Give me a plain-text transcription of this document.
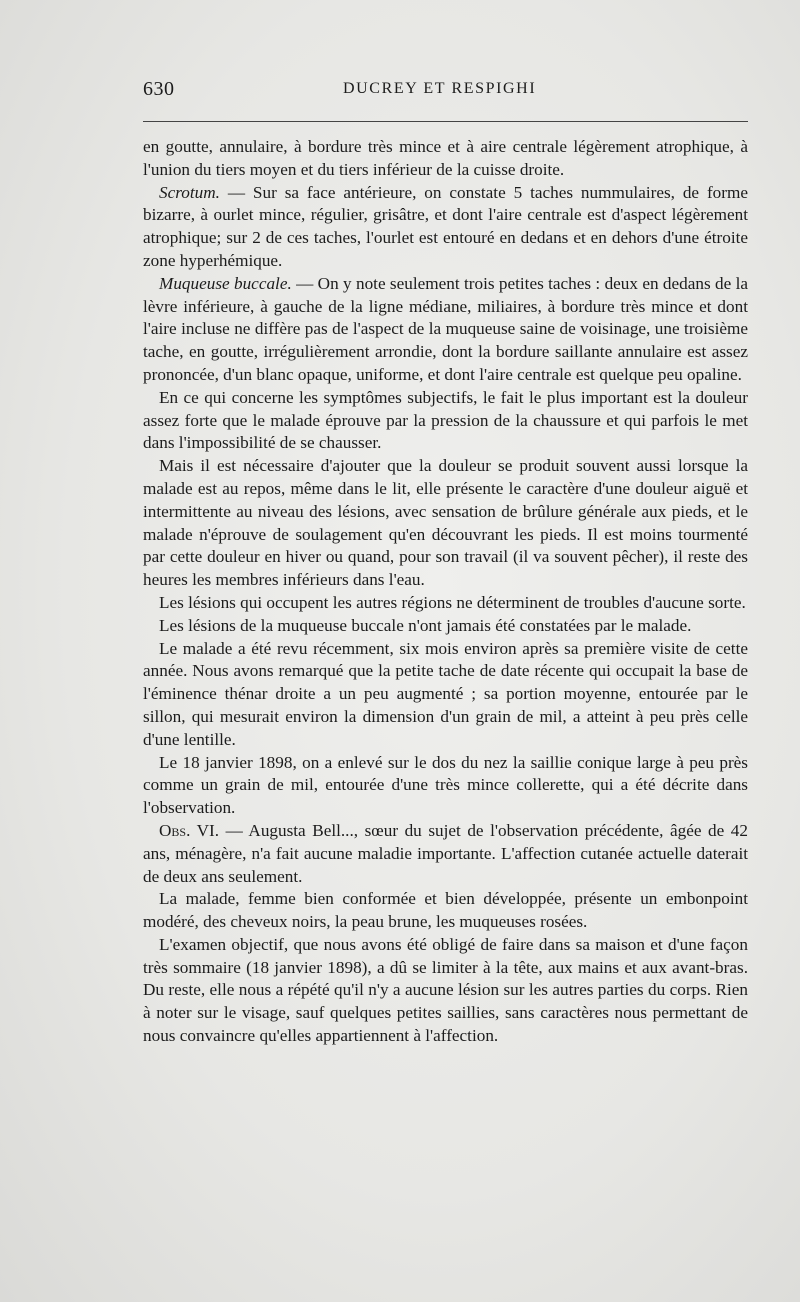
630	DUCREY ET RESPIGHI

en goutte, annulaire, à bordure très mince et à aire centrale légèrement atrophique, à l'union du tiers moyen et du tiers inférieur de la cuisse droite.

Scrotum. — Sur sa face antérieure, on constate 5 taches nummulaires, de forme bizarre, à ourlet mince, régulier, grisâtre, et dont l'aire centrale est d'aspect légèrement atrophique; sur 2 de ces taches, l'ourlet est entouré en dedans et en dehors d'une étroite zone hyperhémique.

Muqueuse buccale. — On y note seulement trois petites taches : deux en dedans de la lèvre inférieure, à gauche de la ligne médiane, miliaires, à bordure très mince et dont l'aire incluse ne diffère pas de l'aspect de la muqueuse saine de voisinage, une troisième tache, en goutte, irrégulièrement arrondie, dont la bordure saillante annulaire est assez prononcée, d'un blanc opaque, uniforme, et dont l'aire centrale est quelque peu opaline.

En ce qui concerne les symptômes subjectifs, le fait le plus important est la douleur assez forte que le malade éprouve par la pression de la chaussure et qui parfois le met dans l'impossibilité de se chausser.

Mais il est nécessaire d'ajouter que la douleur se produit souvent aussi lorsque la malade est au repos, même dans le lit, elle présente le caractère d'une douleur aiguë et intermittente au niveau des lésions, avec sensation de brûlure générale aux pieds, et le malade n'éprouve de soulagement qu'en découvrant les pieds. Il est moins tourmenté par cette douleur en hiver ou quand, pour son travail (il va souvent pêcher), il reste des heures les membres inférieurs dans l'eau.

Les lésions qui occupent les autres régions ne déterminent de troubles d'aucune sorte.

Les lésions de la muqueuse buccale n'ont jamais été constatées par le malade.

Le malade a été revu récemment, six mois environ après sa première visite de cette année. Nous avons remarqué que la petite tache de date récente qui occupait la base de l'éminence thénar droite a un peu augmenté ; sa portion moyenne, entourée par le sillon, qui mesurait environ la dimension d'un grain de mil, a atteint à peu près celle d'une lentille.

Le 18 janvier 1898, on a enlevé sur le dos du nez la saillie conique large à peu près comme un grain de mil, entourée d'une très mince collerette, qui a été décrite dans l'observation.

Obs. VI. — Augusta Bell..., sœur du sujet de l'observation précédente, âgée de 42 ans, ménagère, n'a fait aucune maladie importante. L'affection cutanée actuelle daterait de deux ans seulement.

La malade, femme bien conformée et bien développée, présente un embonpoint modéré, des cheveux noirs, la peau brune, les muqueuses rosées.

L'examen objectif, que nous avons été obligé de faire dans sa maison et d'une façon très sommaire (18 janvier 1898), a dû se limiter à la tête, aux mains et aux avant-bras. Du reste, elle nous a répété qu'il n'y a aucune lésion sur les autres parties du corps. Rien à noter sur le visage, sauf quelques petites saillies, sans caractères nous permettant de nous convaincre qu'elles appartiennent à l'affection.
